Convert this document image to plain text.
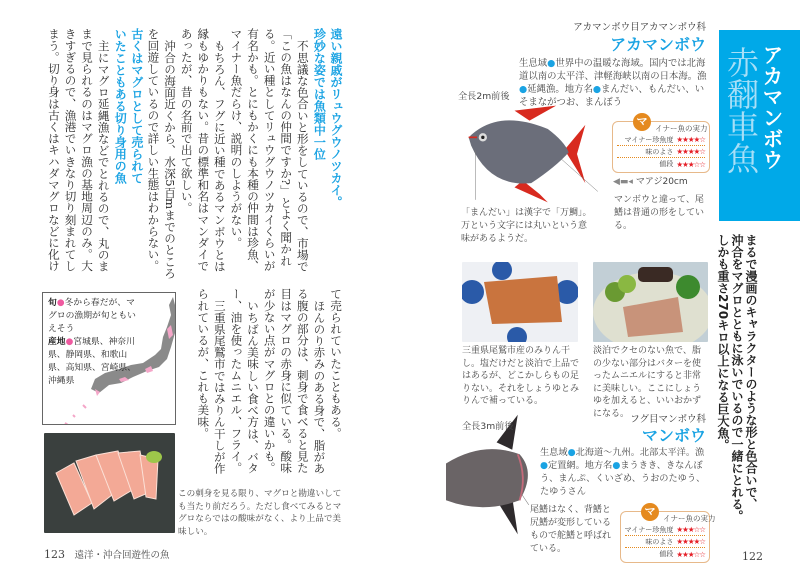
遠い親戚がリュウグウノツカイ。
珍妙な姿では魚類中一位

不思議な色合いと形をしているので、市場で「この魚はなんの仲間ですか?」とよく聞かれる。近い種としてリュウグウノツカイくらいが有名かも。とにもかくにも本種の仲間は珍魚、マイナー魚だらけ、説明のしようがない。

もちろん、フグに近い種であるマンボウとは縁もゆかりもない。昔の標準和名はマンダイであったが、昔の名前で出て欲しい。

沖合の海面近くから、水深5百mまでのところを回遊しているので詳しい生態はわからない。

古くはマグロとして売られて
いたこともある切り身用の魚

主にマグロ延縄漁などでとれるので、丸のままで見られるのはマグロ漁の基地周辺のみ。大きすぎるので、漁港でいきなり切り刻まれてしまう。切り身は古くはキハダマグロなどに化け

て売られていたこともある。

ほんのり赤みのある身で、脂がある腹の部分は、刺身で食べると見た目はマグロの赤身に似ている。酸味が少ない点がマグロとの違いかも。

いちばん美味しい食べ方は、バター、油を使ったムニエル、フライ。

三重県尾鷲市ではみりん干しが作られているが、これも美味。

旬●冬から春だが、マグロの漁期が旬ともいえそう
産地●宮城県、神奈川県、静岡県、和歌山県、高知県、宮崎県、沖縄県
この刺身を見る限り、マグロと勘違いしても当たり前だろう。ただし食べてみるとマグロならではの酸味がなく、より上品で美味しい。
123 遠洋・沖合回遊性の魚
アカマンボウ
赤翻車魚
まるで漫画のキャラクターのような形と色合いで、
沖合をマグロとともに泳いでいるので一緒にとれる。
しかも重さ270キロ以上になる巨大魚。
アカマンボウ目アカマンボウ科
アカマンボウ
生息域●世界中の温暖な海域。国内では北海道以南の太平洋、津軽海峡以南の日本海。漁●延縄漁。地方名●まんだい、もんだい、いそまながつお、まんぼう
全長2m前後
マ
イナー魚の実力
マイナー珍魚度 ★★★★☆
味のよさ ★★★★☆
値段 ★★★☆☆
◀▬◂ マアジ20cm
マンボウと違って、尾鰭は普通の形をしている。
「まんだい」は漢字で「万鯛」。万という文字には丸いという意味があるようだ。
三重県尾鷲市産のみりん干し。塩だけだと淡泊で上品ではあるが、どこかしらもの足りない。それをしょうゆとみりんで補っている。
淡泊でクセのない魚で、脂の少ない部分はバターを使ったムニエルにすると非常に美味しい。ここにしょうゆを加えると、いいおかずになる。
全長3m前後
フグ目マンボウ科
マンボウ
生息域●北海道〜九州。北部太平洋。漁●定置網。地方名●まうきき、きなんぼう、まんぷ、くいざめ、うおのたゆう、たゆうさん
マ
イナー魚の実力
マイナー珍魚度 ★★★☆☆
味のよさ ★★★★☆
値段 ★★★☆☆
尾鰭はなく、背鰭と尻鰭が変形しているもので舵鰭と呼ばれている。
122
